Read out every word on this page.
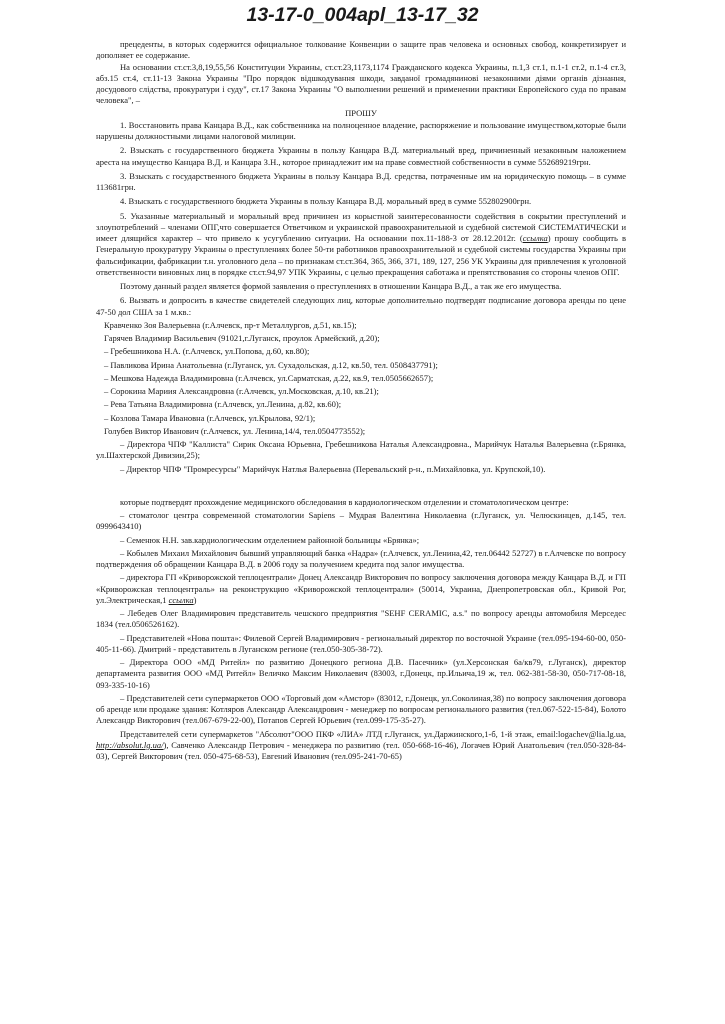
13-17-0_004apl_13-17_32

прецеденты, в которых содержится официальное толкование Конвенции о защите прав человека и основных свобод, конкретизирует и дополняет ее содержание.

На основании ст.ст.3,8,19,55,56 Конституции Украины, ст.ст.23,1173,1174 Гражданского кодекса Украины, п.1,3 ст.1, п.1-1 ст.2, п.1-4 ст.3, абз.15 ст.4, ст.11-13 Закона Украины "Про порядок відшкодування шкоди, завданої громадянинові незаконними діями органів дізнання, досудового слідства, прокуратури і суду", ст.17 Закона Украины "О выполнении решений и применении практики Европейского суда по правам человека", –

ПРОШУ

1. Восстановить права Канцара В.Д., как собственника на полноценное владение, распоряжение и пользование имуществом,которые были нарушены должностными лицами налоговой милиции.

2. Взыскать с государственного бюджета Украины в пользу Канцара В.Д. материальный вред, причиненный незаконным наложением ареста на имущество Канцара В.Д. и Канцара З.Н., которое принадлежит им на праве совместной собственности в сумме 552689219грн.

3. Взыскать с государственного бюджета Украины в пользу Канцара В.Д. средства, потраченные им на юридическую помощь – в сумме 113681грн.

4. Взыскать с государственного бюджета Украины в пользу Канцара В.Д. моральный вред в сумме 552802900грн.

5. Указанные материальный и моральный вред причинен из корыстной заинтересованности содействия в сокрытии преступлений и злоупотреблений – членами ОПГ,что совершается Ответчиком и украинской правоохранительной и судебной системой СИСТЕМАТИЧЕСКИ и имеет длящийся характер – что привело к усугублению ситуации. На основании пох.11-188-3 от 28.12.2012г. (ссылка) прошу сообщить в Генеральную прокуратуру Украины о преступлениях более 50-ти работников правоохранительной и судебной системы государства Украины при фальсификации, фабрикации т.н. уголовного дела – по признакам ст.ст.364, 365, 366, 371, 189, 127, 256 УК Украины для привлечения к уголовной ответственности виновных лиц в порядке ст.ст.94,97 УПК Украины, с целью прекращения саботажа и препятствования со стороны членов ОПГ.

Поэтому данный раздел является формой заявления о преступлениях в отношении Канцара В.Д., а так же его имущества.

6. Вызвать и допросить в качестве свидетелей следующих лиц, которые дополнительно подтвердят подписание договора аренды по цене 47-50 дол США за 1 м.кв.:

Кравченко Зоя Валерьевна (г.Алчевск, пр-т Металлургов, д.51, кв.15);

Гарячев Владимир Васильевич (91021,г.Луганск, проулок Армейский, д.20);

– Гребешникова Н.А. (г.Алчевск, ул.Попова, д.60, кв.80);

– Павликова Ирина Анатольевна (г.Луганск, ул. Сухадольская, д.12, кв.50, тел. 0508437791);

– Мешкова Надежда Владимировна (г.Алчевск, ул.Сарматская, д.22, кв.9, тел.0505662657);

– Сорокина Мариия Александровна (г.Алчевск, ул.Московская, д.10, кв.21);

– Рева Татьяна Владимировна (г.Алчевск, ул.Ленина, д.82, кв.60);

– Козлова Тамара Ивановна (г.Алчевск, ул.Крылова, 92/1);

Голубев Виктор Иванович (г.Алчевск, ул. Ленина,14/4, тел.0504773552);

– Директора ЧПФ "Каллиста" Сирик Оксана Юрьевна, Гребешникова Наталья Александровна., Марийчук Наталья Валерьевна (г.Брянка, ул.Шахтерской Дивизии,25);

– Директор ЧПФ "Промресурсы" Марийчук Натлья Валерьевна (Перевальский р-н., п.Михайловка, ул. Крупской,10).

которые подтвердят прохождение медицинского обследования в кардиологическом отделении и стоматологическом центре:

– стоматолог центра современной стоматологии Sapiens – Мудрая Валентина Николаевна (г.Луганск, ул. Челюскинцев, д.145, тел. 0999643410)

– Семенюк Н.Н. зав.кардиологическим отделением районной больницы «Брянка»;

– Кобылев Михаил Михайлович бывший управляющий банка «Надра» (г.Алчевск, ул.Ленина,42, тел.06442 52727) в г.Алчевске по вопросу подтверждения об обращении Канцара В.Д. в 2006 году за получением кредита под залог имущества.

– директора ГП «Криворожской теплоцентрали» Донец Александр Викторович по вопросу заключения договора между Канцара В.Д. и ГП «Криворожская теплоцентраль» на реконструкцию «Криворожской теплоцентрали» (50014, Украина, Днепропетровская обл., Кривой Рог, ул.Электрическая,1 ссылка)

– Лебедев Олег Владимирович представитель чешского предприятия "SEHF CERAMIC, a.s." по вопросу аренды автомобиля Мерседес 1834 (тел.0506526162).

– Представителей «Нова пошта»: Филевой Сергей Владимирович - региональный директор по восточной Украине (тел.095-194-60-00, 050-405-11-66). Дмитрий - представитель в Луганском регионе (тел.050-305-38-72).

– Директора ООО «МД Ритейл» по развитию Донецкого региона Д.В. Пасечник» (ул.Херсонская 6а/кв79, г.Луганск), директор департамента развития ООО «МД Ритейл» Величко Максим Николаевич (83003, г.Донецк, пр.Ильича,19 ж, тел. 062-381-58-30, 050-717-08-18, 093-335-10-16)

– Представителей сети супермаркетов ООО «Торговый дом «Амстор» (83012, г.Донецк, ул.Соколиная,38) по вопросу заключения договора об аренде или продаже здания: Котляров Александр Александрович - менеджер по вопросам регионального развития (тел.067-522-15-84), Болото Александр Викторович (тел.067-679-22-00), Потапов Сергей Юрьевич (тел.099-175-35-27).

Представителей сети супермаркетов "Абсолют"ООО ПКФ «ЛИА» ЛТД г.Луганск, ул.Даржинского,1-б, 1-й этаж, email:logachev@lia.lg.ua, http://absolut.lg.ua/), Савченко Александр Петрович - менеджера по развитию (тел. 050-668-16-46), Логачев Юрий Анатольевич (тел.050-328-84-03), Сергей Викторович (тел. 050-475-68-53), Евгений Иванович (тел.095-241-70-65)
